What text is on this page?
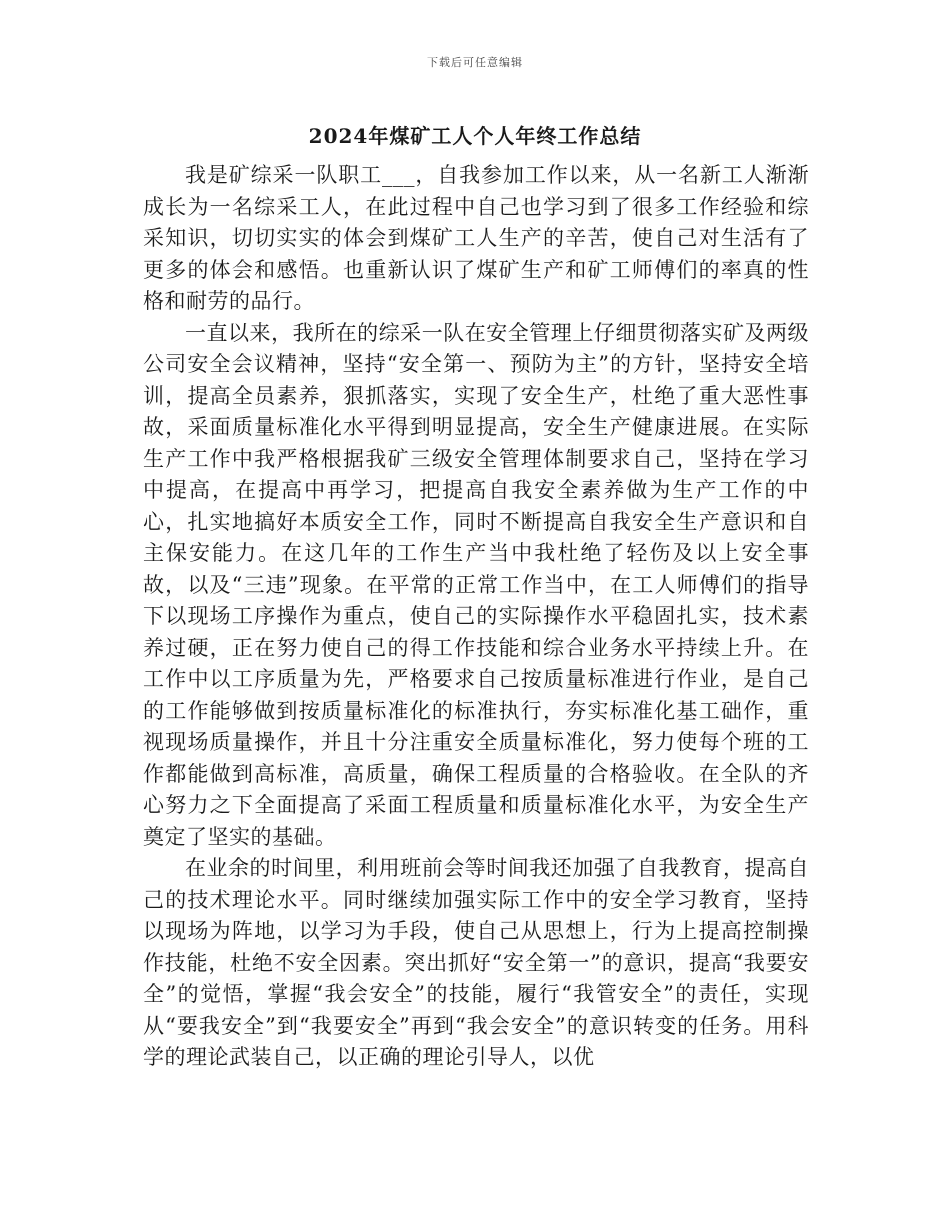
下载后可任意编辑
2024年煤矿工人个人年终工作总结

我是矿综采一队职工___，自我参加工作以来，从一名新工人渐渐成长为一名综采工人，在此过程中自己也学习到了很多工作经验和综采知识，切切实实的体会到煤矿工人生产的辛苦，使自己对生活有了更多的体会和感悟。也重新认识了煤矿生产和矿工师傅们的率真的性格和耐劳的品行。

一直以来，我所在的综采一队在安全管理上仔细贯彻落实矿及两级公司安全会议精神，坚持“安全第一、预防为主”的方针，坚持安全培训，提高全员素养，狠抓落实，实现了安全生产，杜绝了重大恶性事故，采面质量标准化水平得到明显提高，安全生产健康进展。在实际生产工作中我严格根据我矿三级安全管理体制要求自己，坚持在学习中提高，在提高中再学习，把提高自我安全素养做为生产工作的中心，扎实地搞好本质安全工作，同时不断提高自我安全生产意识和自主保安能力。在这几年的工作生产当中我杜绝了轻伤及以上安全事故，以及“三违”现象。在平常的正常工作当中，在工人师傅们的指导下以现场工序操作为重点，使自己的实际操作水平稳固扎实，技术素养过硬，正在努力使自己的得工作技能和综合业务水平持续上升。在工作中以工序质量为先，严格要求自己按质量标准进行作业，是自己的工作能够做到按质量标准化的标准执行，夯实标准化基工础作，重视现场质量操作，并且十分注重安全质量标准化，努力使每个班的工作都能做到高标准，高质量，确保工程质量的合格验收。在全队的齐心努力之下全面提高了采面工程质量和质量标准化水平，为安全生产奠定了坚实的基础。

在业余的时间里，利用班前会等时间我还加强了自我教育，提高自己的技术理论水平。同时继续加强实际工作中的安全学习教育，坚持以现场为阵地，以学习为手段，使自己从思想上，行为上提高控制操作技能，杜绝不安全因素。突出抓好“安全第一”的意识，提高“我要安全”的觉悟，掌握“我会安全”的技能，履行“我管安全”的责任，实现从“要我安全”到“我要安全”再到“我会安全”的意识转变的任务。用科学的理论武装自己，以正确的理论引导人，以优
